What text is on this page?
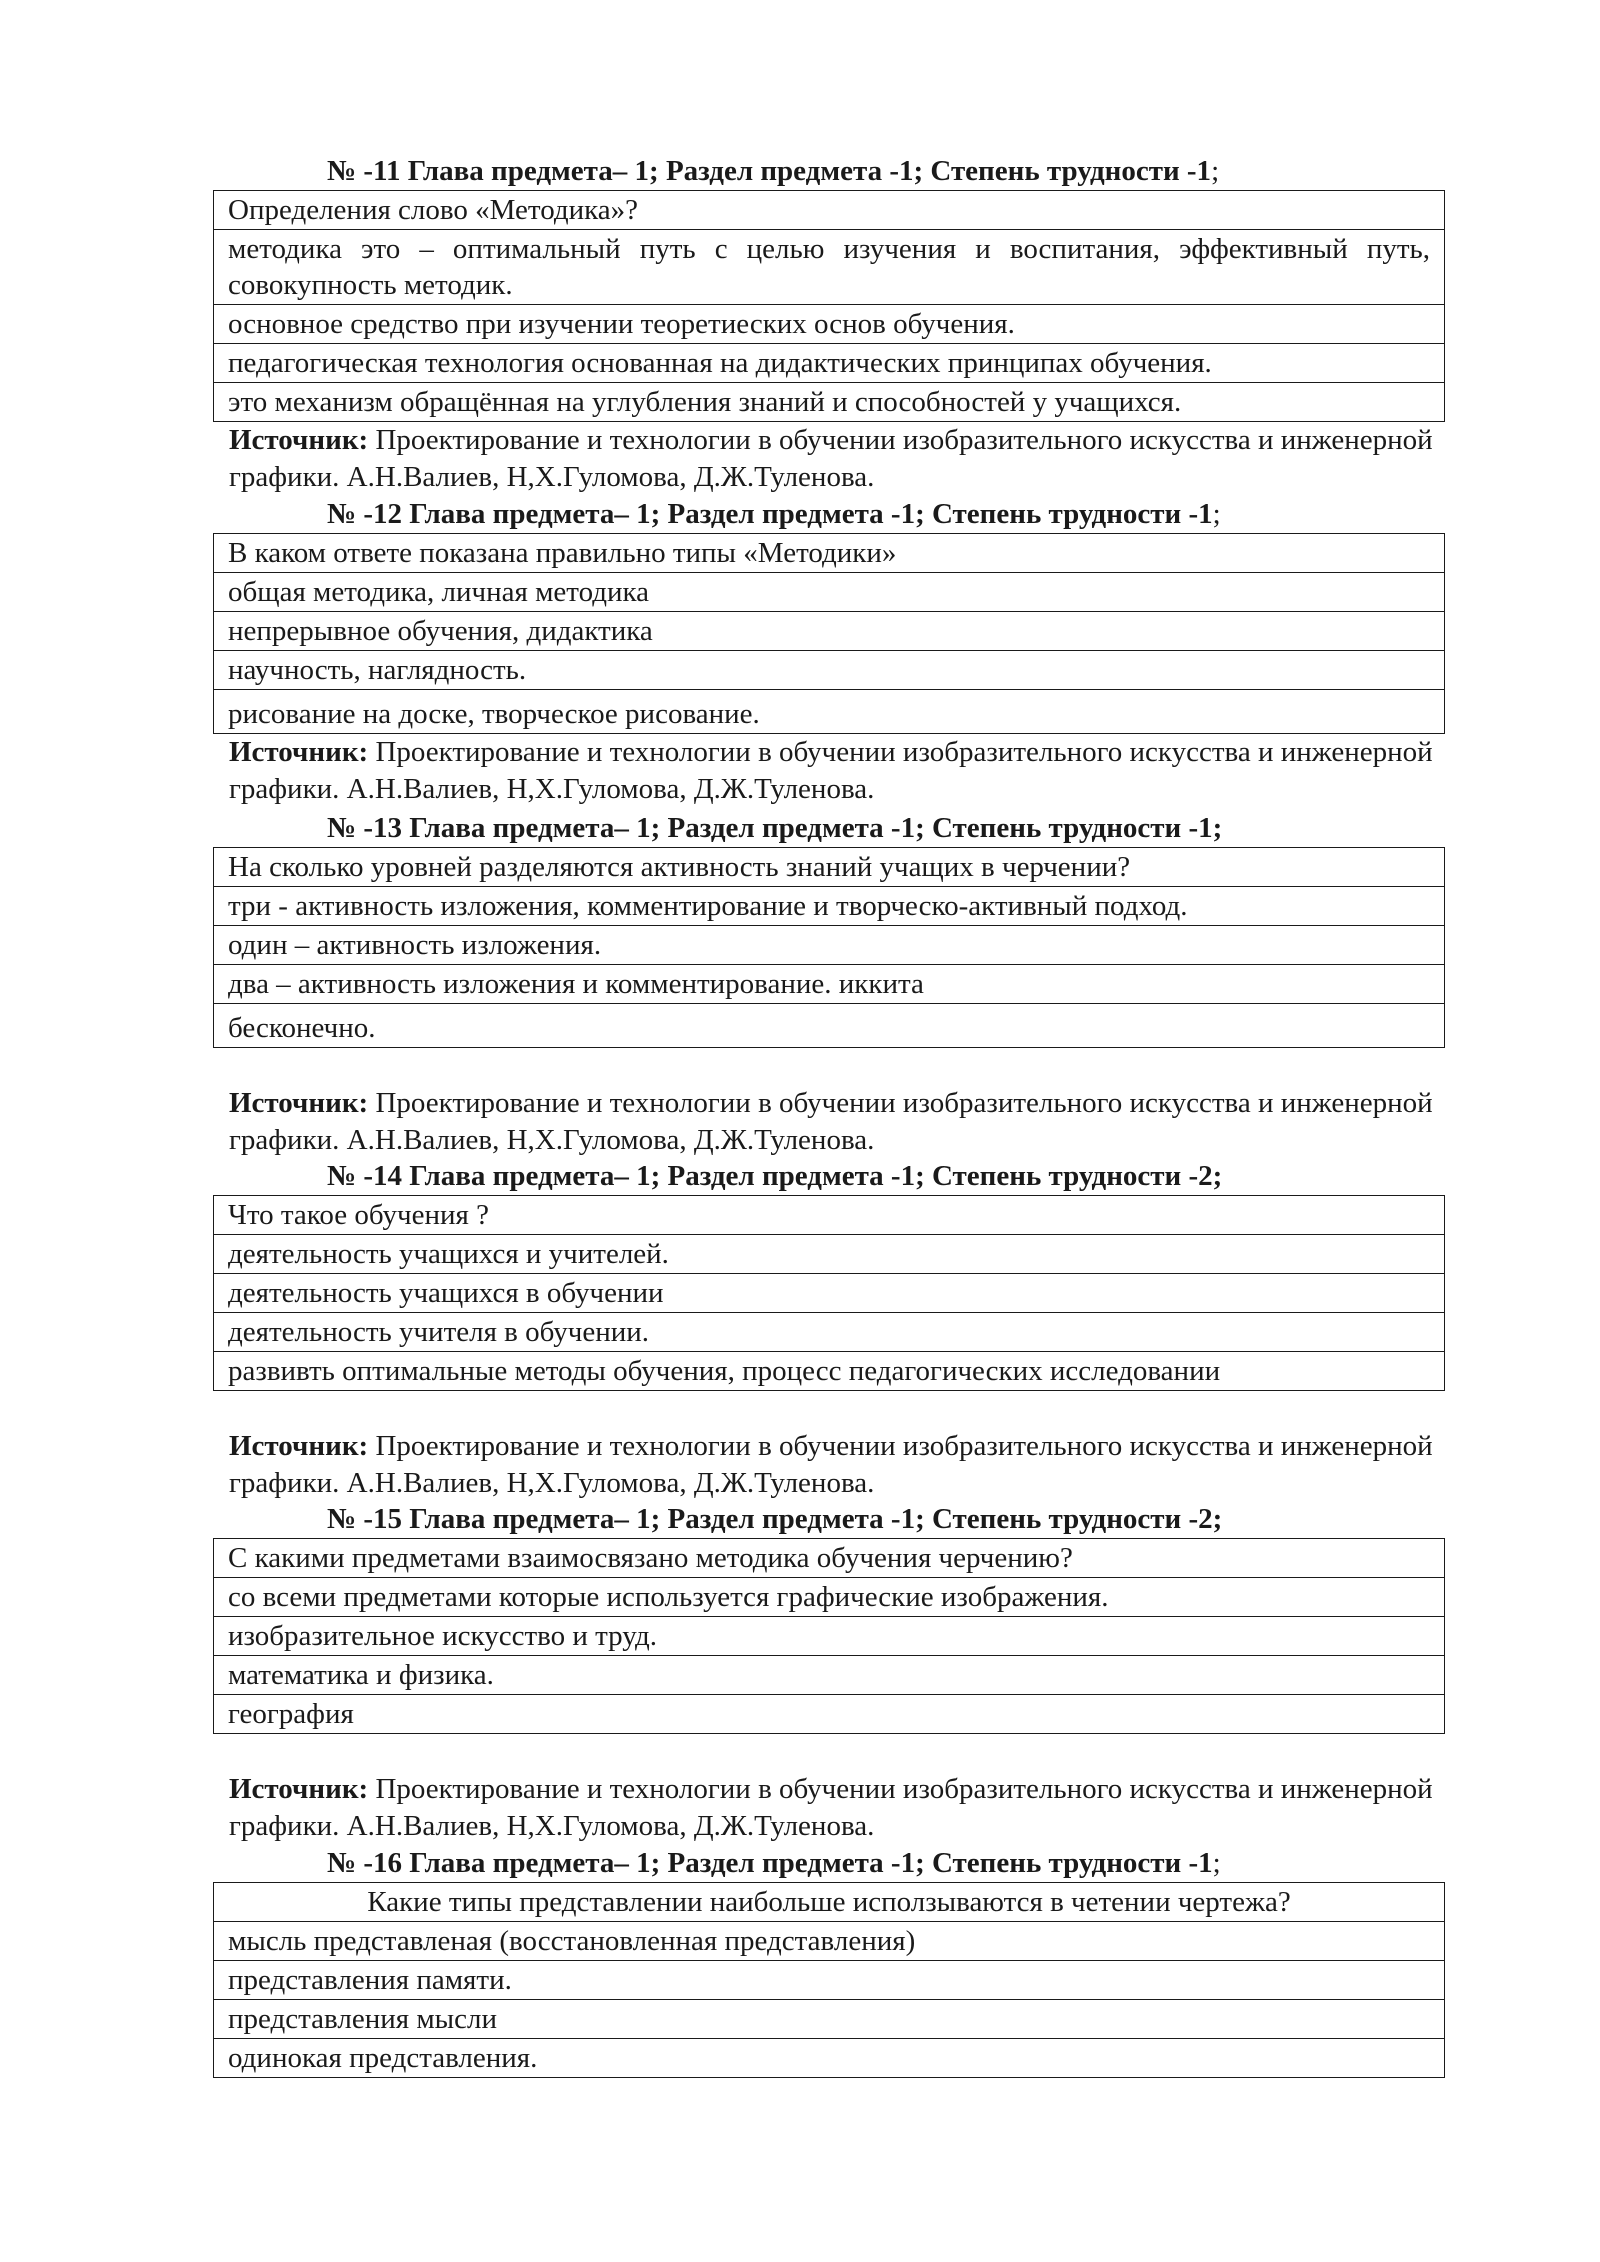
№ -11 Глава предмета– 1; Раздел предмета -1; Степень трудности -1;
Определения слово «Методика»?
методика это – оптимальный путь с целью изучения и воспитания, эффективный путь, совокупность методик.
основное средство при изучении теоретиеских основ обучения.
педагогическая технология основанная на дидактических принципах обучения.
это механизм обращённая на углубления знаний и способностей у учащихся.
Источник: Проектирование и технологии в обучении изобразительного искусства и инженерной графики. А.Н.Валиев, Н,Х.Гуломова, Д.Ж.Туленова.
№ -12 Глава предмета– 1; Раздел предмета -1; Степень трудности -1;
В каком ответе показана правильно типы «Методики»
общая методика, личная методика
непрерывное обучения, дидактика
научность, наглядность.
рисование на доске, творческое рисование.
Источник: Проектирование и технологии в обучении изобразительного искусства и инженерной графики. А.Н.Валиев, Н,Х.Гуломова, Д.Ж.Туленова.
№ -13 Глава предмета– 1; Раздел предмета -1; Степень трудности -1;
На сколько уровней разделяются активность знаний учащих в черчении?
три - активность изложения, комментирование и творческо-активный подход.
один – активность изложения.
два – активность изложения и комментирование. иккита
бесконечно.
Источник: Проектирование и технологии в обучении изобразительного искусства и инженерной графики. А.Н.Валиев, Н,Х.Гуломова, Д.Ж.Туленова.
№ -14 Глава предмета– 1; Раздел предмета -1; Степень трудности -2;
Что такое обучения ?
деятельность учащихся и учителей.
деятельность учащихся в обучении
деятельность учителя в обучении.
развивть оптимальные методы обучения, процесс педагогических исследовании
Источник: Проектирование и технологии в обучении изобразительного искусства и инженерной графики. А.Н.Валиев, Н,Х.Гуломова, Д.Ж.Туленова.
№ -15 Глава предмета– 1; Раздел предмета -1; Степень трудности -2;
С какими предметами взаимосвязано методика обучения черчению?
со всеми предметами которые используется графические изображения.
изобразительное искусство и труд.
математика и физика.
география
Источник: Проектирование и технологии в обучении изобразительного искусства и инженерной графики. А.Н.Валиев, Н,Х.Гуломова, Д.Ж.Туленова.
№ -16 Глава предмета– 1; Раздел предмета -1; Степень трудности -1;
Какие типы представлении наибольше исползываются в четении чертежа?
мысль представленая (восстановленная представления)
представления памяти.
представления мысли
одинокая представления.
